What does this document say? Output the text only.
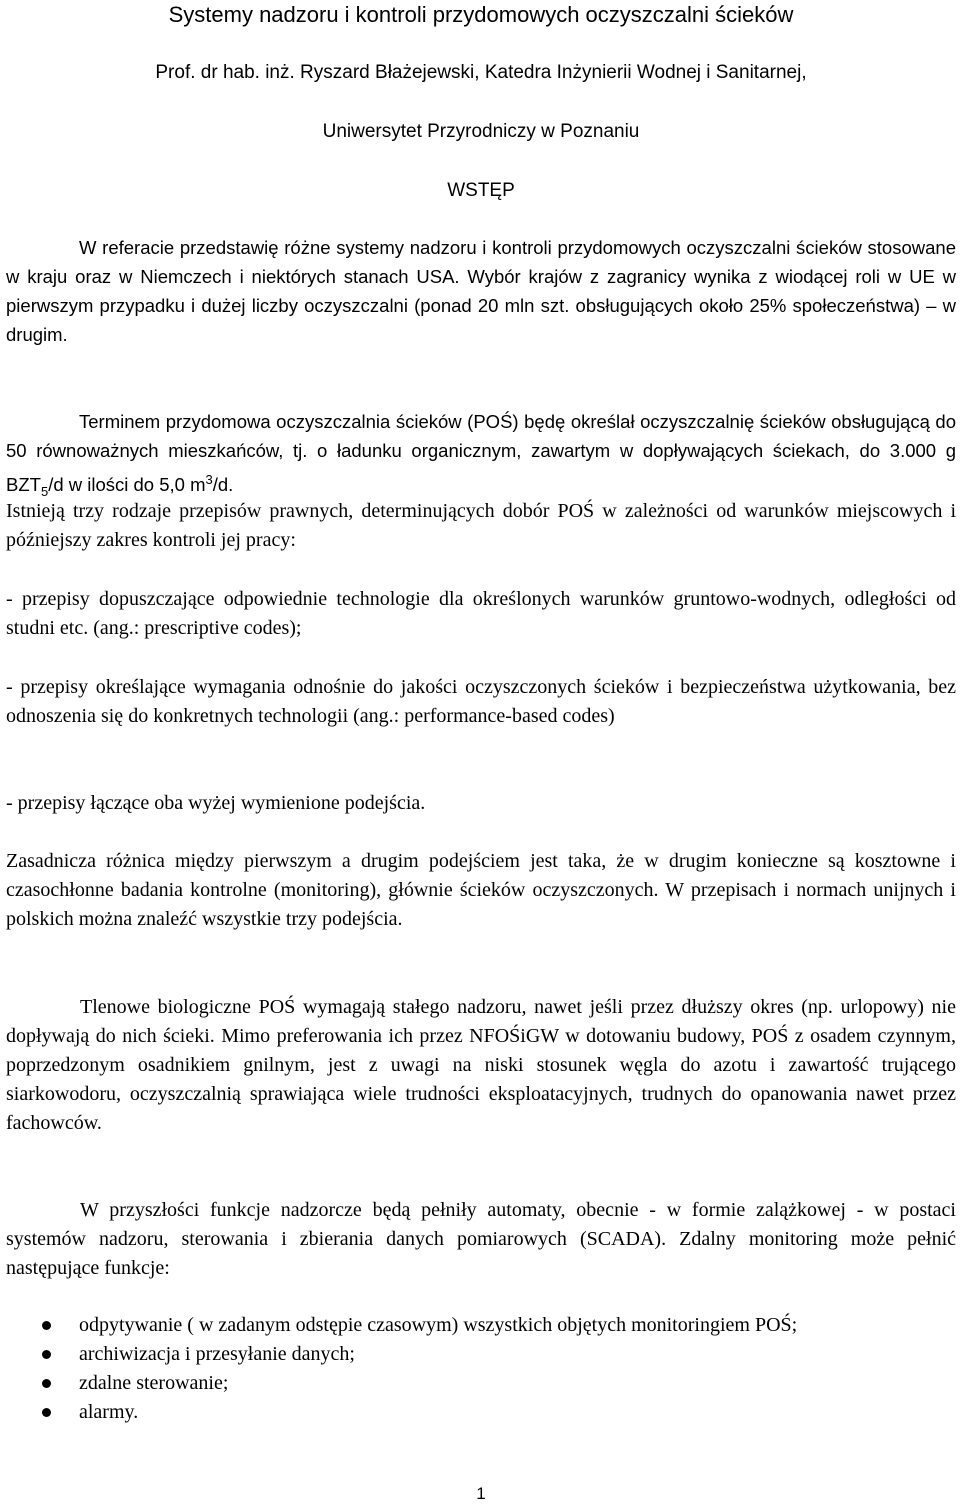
Systemy nadzoru i kontroli przydomowych oczyszczalni ścieków
Prof. dr hab. inż. Ryszard Błażejewski, Katedra Inżynierii Wodnej i Sanitarnej,
Uniwersytet Przyrodniczy w Poznaniu
WSTĘP

W referacie przedstawię różne systemy nadzoru i kontroli przydomowych oczyszczalni ścieków stosowane w kraju oraz w Niemczech i niektórych stanach USA. Wybór krajów z zagranicy wynika z wiodącej roli w UE w pierwszym przypadku i dużej liczby oczyszczalni (ponad 20 mln szt. obsługujących około 25% społeczeństwa) – w drugim.

Terminem przydomowa oczyszczalnia ścieków (POŚ) będę określał oczyszczalnię ścieków obsługującą do 50 równoważnych mieszkańców, tj. o ładunku organicznym, zawartym w dopływających ściekach, do 3.000 g $BZT_5/d$ w ilości do 5,0 $m^3/d$.

Istnieją trzy rodzaje przepisów prawnych, determinujących dobór POŚ w zależności od warunków miejscowych i późniejszy zakres kontroli jej pracy:

- przepisy dopuszczające odpowiednie technologie dla określonych warunków gruntowo-wodnych, odległości od studni etc. (ang.: prescriptive codes);

- przepisy określające wymagania odnośnie do jakości oczyszczonych ścieków i bezpieczeństwa użytkowania, bez odnoszenia się do konkretnych technologii (ang.: performance-based codes)

- przepisy łączące oba wyżej wymienione podejścia.

Zasadnicza różnica między pierwszym a drugim podejściem jest taka, że w drugim konieczne są kosztowne i czasochłonne badania kontrolne (monitoring), głównie ścieków oczyszczonych. W przepisach i normach unijnych i polskich można znaleźć wszystkie trzy podejścia.

Tlenowe biologiczne POŚ wymagają stałego nadzoru, nawet jeśli przez dłuższy okres (np. urlopowy) nie dopływają do nich ścieki. Mimo preferowania ich przez NFOŚiGW w dotowaniu budowy, POŚ z osadem czynnym, poprzedzonym osadnikiem gnilnym, jest z uwagi na niski stosunek węgla do azotu i zawartość trującego siarkowodoru, oczyszczalnią sprawiająca wiele trudności eksploatacyjnych, trudnych do opanowania nawet przez fachowców.

W przyszłości funkcje nadzorcze będą pełniły automaty, obecnie - w formie zalążkowej - w postaci systemów nadzoru, sterowania i zbierania danych pomiarowych (SCADA). Zdalny monitoring może pełnić następujące funkcje:

odpytywanie ( w zadanym odstępie czasowym) wszystkich objętych monitoringiem POŚ;
archiwizacja i przesyłanie danych;
zdalne sterowanie;
alarmy.
1
